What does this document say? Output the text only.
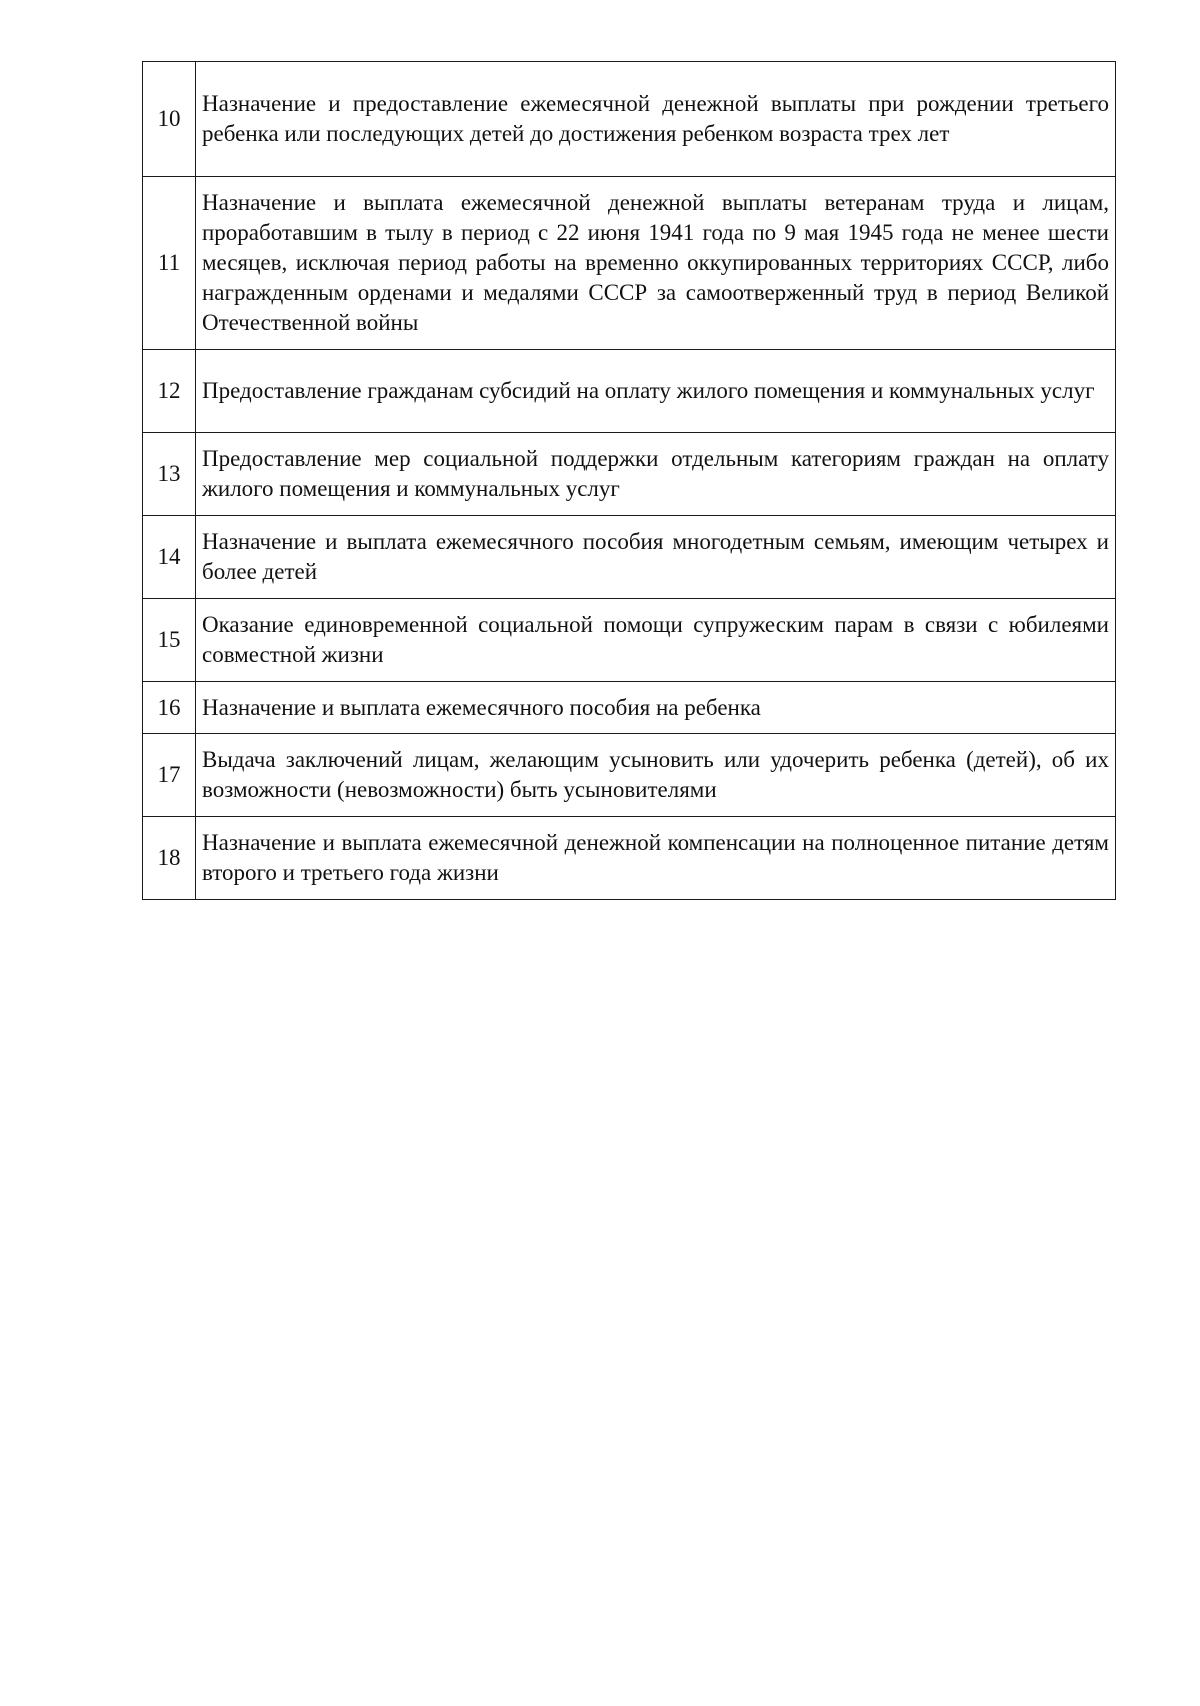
10	Назначение и предоставление ежемесячной денежной выплаты при рождении третьего ребенка или последующих детей до достижения ребенком возраста трех лет
11	Назначение и выплата ежемесячной денежной выплаты ветеранам труда и лицам, проработавшим в тылу в период с 22 июня 1941 года по 9 мая 1945 года не менее шести месяцев, исключая период работы на временно оккупированных территориях СССР, либо награжденным орденами и медалями СССР за самоотверженный труд в период Великой Отечественной войны
12	Предоставление гражданам субсидий на оплату жилого помещения и коммунальных услуг
13	Предоставление мер социальной поддержки отдельным категориям граждан на оплату жилого помещения и коммунальных услуг
14	Назначение и выплата ежемесячного пособия многодетным семьям, имеющим четырех и более детей
15	Оказание единовременной социальной помощи супружеским парам в связи с юбилеями совместной жизни
16	Назначение и выплата ежемесячного пособия на ребенка
17	Выдача заключений лицам, желающим усыновить или удочерить ребенка (детей), об их возможности (невозможности) быть усыновителями
18	Назначение и выплата ежемесячной денежной компенсации на полноценное питание детям второго и третьего года жизни
